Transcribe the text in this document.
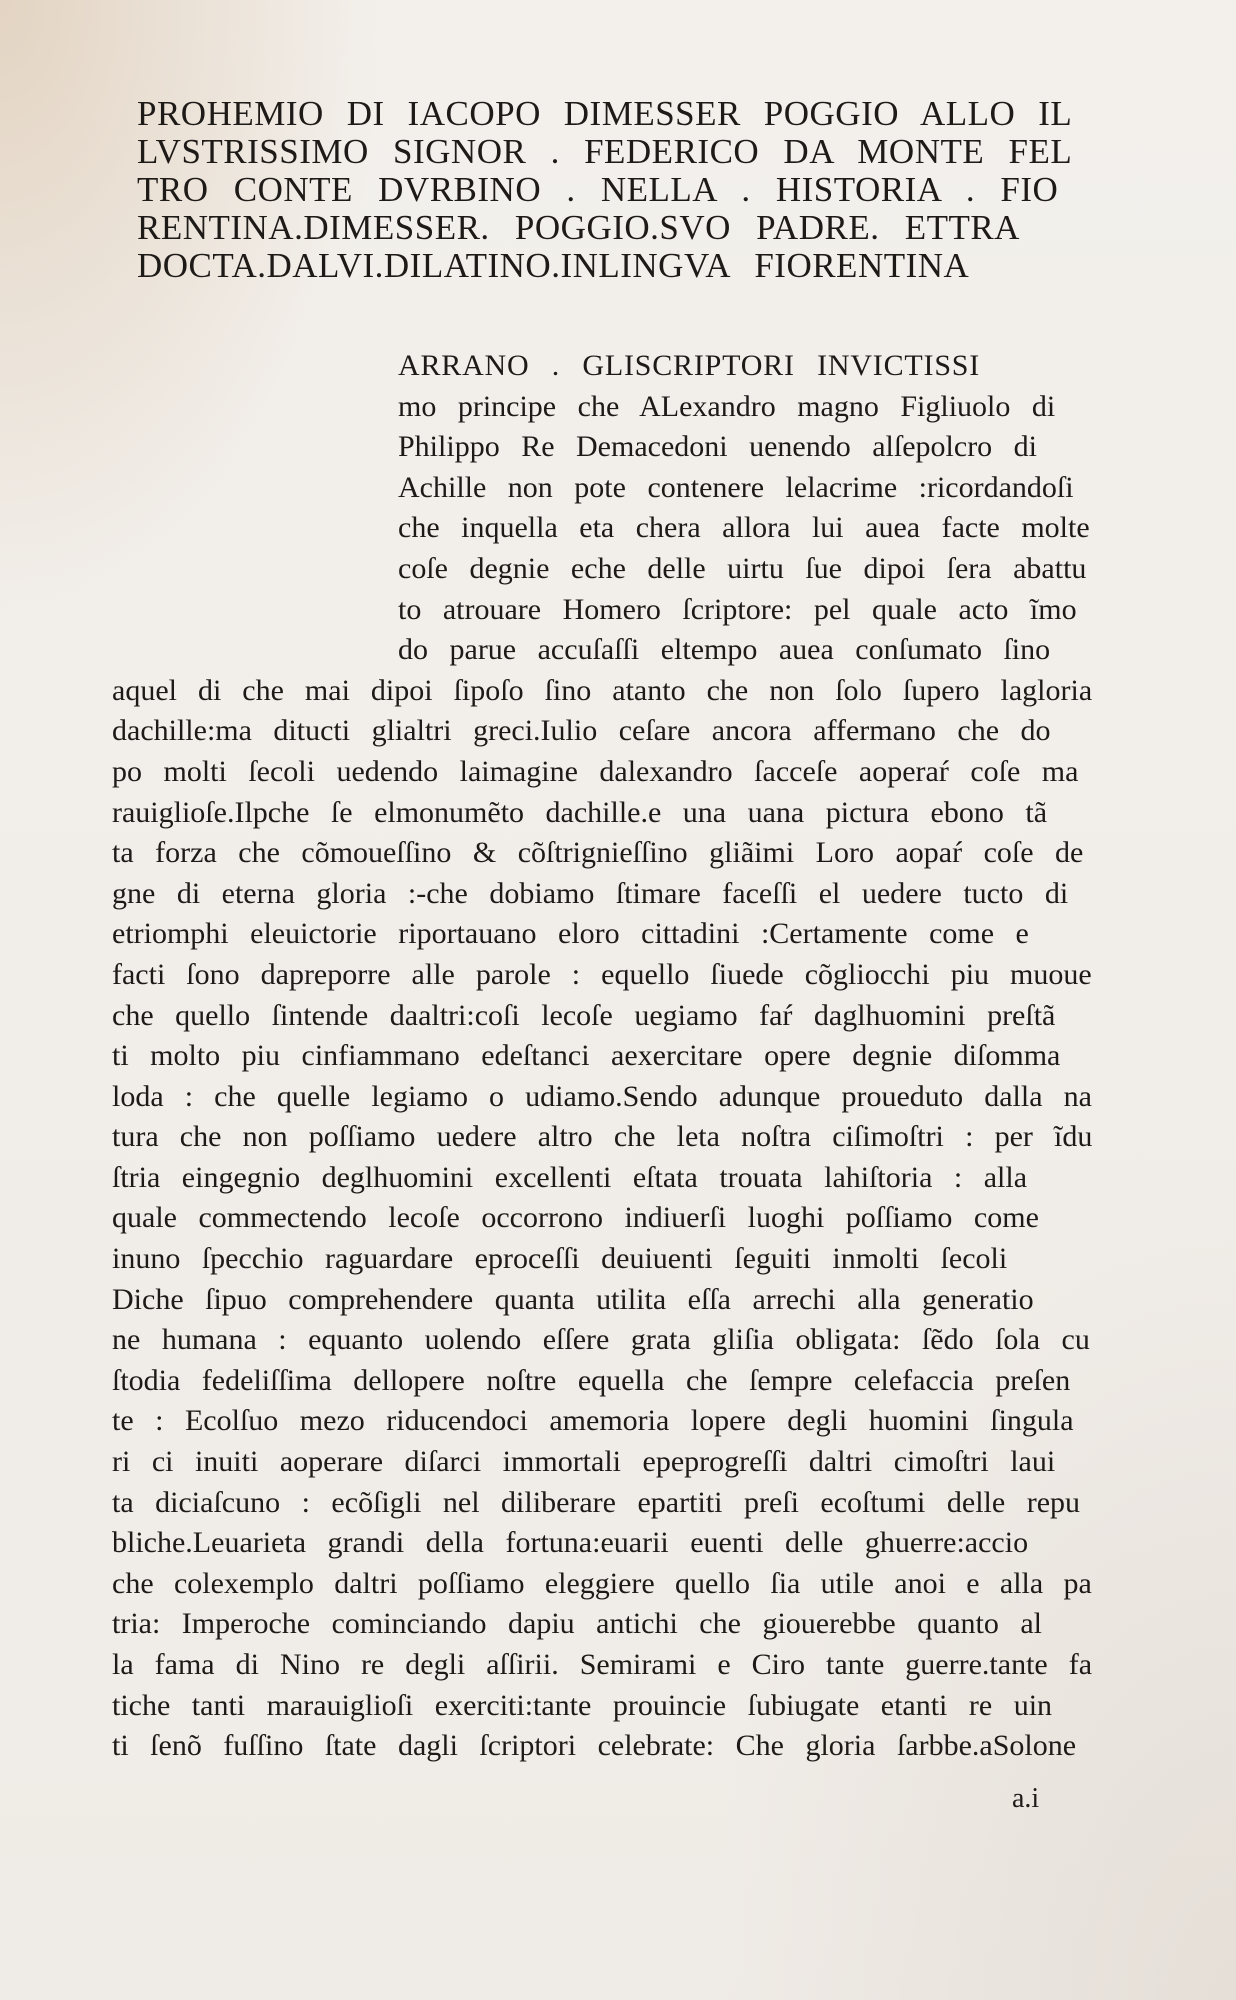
PROHEMIO DI IACOPO DIMESSER POGGIO ALLO IL
LVSTRISSIMO SIGNOR . FEDERICO DA MONTE FEL
TRO CONTE DVRBINO . NELLA . HISTORIA . FIO
RENTINA.DIMESSER. POGGIO.SVO PADRE. ETTRA
DOCTA.DALVI.DILATINO.INLINGVA FIORENTINA
ARRANO . GLISCRIPTORI INVICTISSI
mo principe che ALexandro magno Figliuolo di
Philippo Re Demacedoni uenendo alſepolcro di
Achille non pote contenere lelacrime :ricordandoſi
che inquella eta chera allora lui auea facte molte
coſe degnie eche delle uirtu ſue dipoi ſera abattu
to atrouare Homero ſcriptore: pel quale acto ĩmo
do parue accuſaſſi eltempo auea conſumato ſino
aquel di che mai dipoi ſipoſo ſino atanto che non ſolo ſupero lagloria
dachille:ma ditucti glialtri greci.Iulio ceſare ancora affermano che do
po molti ſecoli uedendo laimagine dalexandro ſacceſe aoperaŕ coſe ma
rauiglioſe.Ilpche ſe elmonumẽto dachille.e una uana pictura ebono tã
ta forza che cõmoueſſino & cõſtrignieſſino gliãimi Loro aopaŕ coſe de
gne di eterna gloria :-che dobiamo ſtimare faceſſi el uedere tucto di
etriomphi eleuictorie riportauano eloro cittadini :Certamente come e
facti ſono dapreporre alle parole : equello ſiuede cõgliocchi piu muoue
che quello ſintende daaltri:coſi lecoſe uegiamo faŕ daglhuomini preſtã
ti molto piu cinfiammano edeſtanci aexercitare opere degnie diſomma
loda : che quelle legiamo o udiamo.Sendo adunque proueduto dalla na
tura che non poſſiamo uedere altro che leta noſtra ciſimoſtri : per ĩdu
ſtria eingegnio deglhuomini excellenti eſtata trouata lahiſtoria : alla
quale commectendo lecoſe occorrono indiuerſi luoghi poſſiamo come
inuno ſpecchio raguardare eproceſſi deuiuenti ſeguiti inmolti ſecoli
Diche ſipuo comprehendere quanta utilita eſſa arrechi alla generatio
ne humana : equanto uolendo eſſere grata gliſia obligata: ſẽdo ſola cu
ſtodia fedeliſſima dellopere noſtre equella che ſempre celefaccia preſen
te : Ecolſuo mezo riducendoci amemoria lopere degli huomini ſingula
ri ci inuiti aoperare diſarci immortali epeprogreſſi daltri cimoſtri laui
ta diciaſcuno : ecõſigli nel diliberare epartiti preſi ecoſtumi delle repu
bliche.Leuarieta grandi della fortuna:euarii euenti delle ghuerre:accio
che colexemplo daltri poſſiamo eleggiere quello ſia utile anoi e alla pa
tria: Imperoche cominciando dapiu antichi che giouerebbe quanto al
la fama di Nino re degli aſſirii. Semirami e Ciro tante guerre.tante fa
tiche tanti marauiglioſi exerciti:tante prouincie ſubiugate etanti re uin
ti ſenõ fuſſino ſtate dagli ſcriptori celebrate: Che gloria ſarbbe.aSolone
a.i
